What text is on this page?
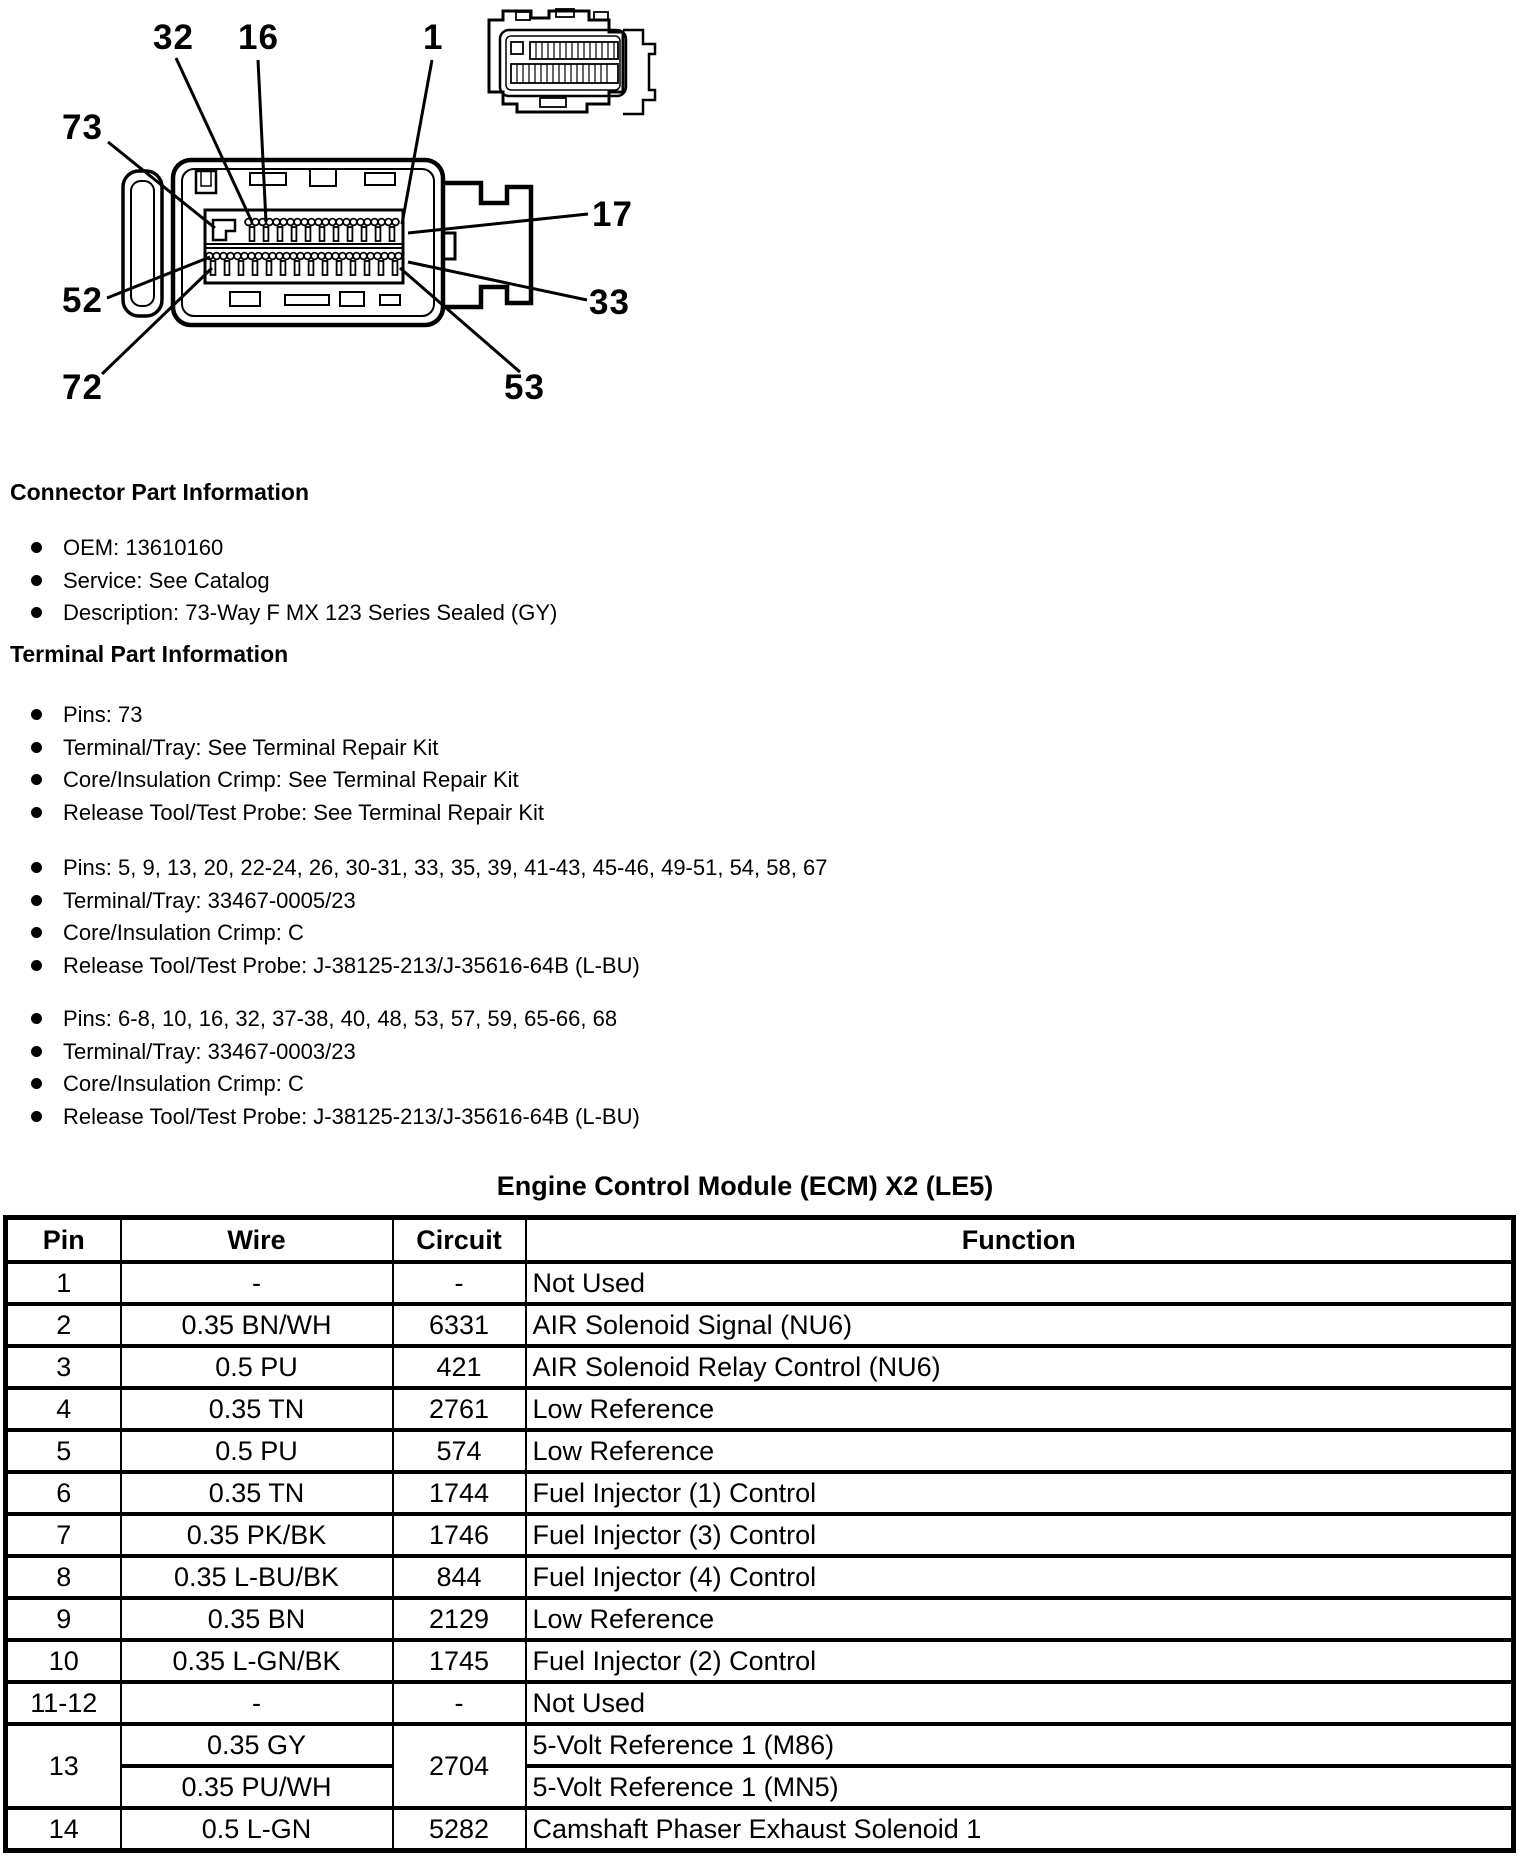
32 16	1
73
17
52	33
72	53
Connector Part Information
OEM: 13610160
Service: See Catalog
Description: 73-Way F MX 123 Series Sealed (GY)
Terminal Part Information
Pins: 73
Terminal/Tray: See Terminal Repair Kit
Core/Insulation Crimp: See Terminal Repair Kit
Release Tool/Test Probe: See Terminal Repair Kit
Pins: 5, 9, 13, 20, 22-24, 26, 30-31, 33, 35, 39, 41-43, 45-46, 49-51, 54, 58, 67
Terminal/Tray: 33467-0005/23
Core/Insulation Crimp: C
Release Tool/Test Probe: J-38125-213/J-35616-64B (L-BU)
Pins: 6-8, 10, 16, 32, 37-38, 40, 48, 53, 57, 59, 65-66, 68
Terminal/Tray: 33467-0003/23
Core/Insulation Crimp: C
Release Tool/Test Probe: J-38125-213/J-35616-64B (L-BU)
Engine Control Module (ECM) X2 (LE5)
Pin	Wire	Circuit	Function
1	-	-	Not Used
2	0.35 BN/WH	6331	AIR Solenoid Signal (NU6)
3	0.5 PU	421	AIR Solenoid Relay Control (NU6)
4	0.35 TN	2761	Low Reference
5	0.5 PU	574	Low Reference
6	0.35 TN	1744	Fuel Injector (1) Control
7	0.35 PK/BK	1746	Fuel Injector (3) Control
8	0.35 L-BU/BK	844	Fuel Injector (4) Control
9	0.35 BN	2129	Low Reference
10	0.35 L-GN/BK	1745	Fuel Injector (2) Control
11-12	-	-	Not Used
13	0.35 GY	2704	5-Volt Reference 1 (M86)
	0.35 PU/WH		5-Volt Reference 1 (MN5)
14	0.5 L-GN	5282	Camshaft Phaser Exhaust Solenoid 1
